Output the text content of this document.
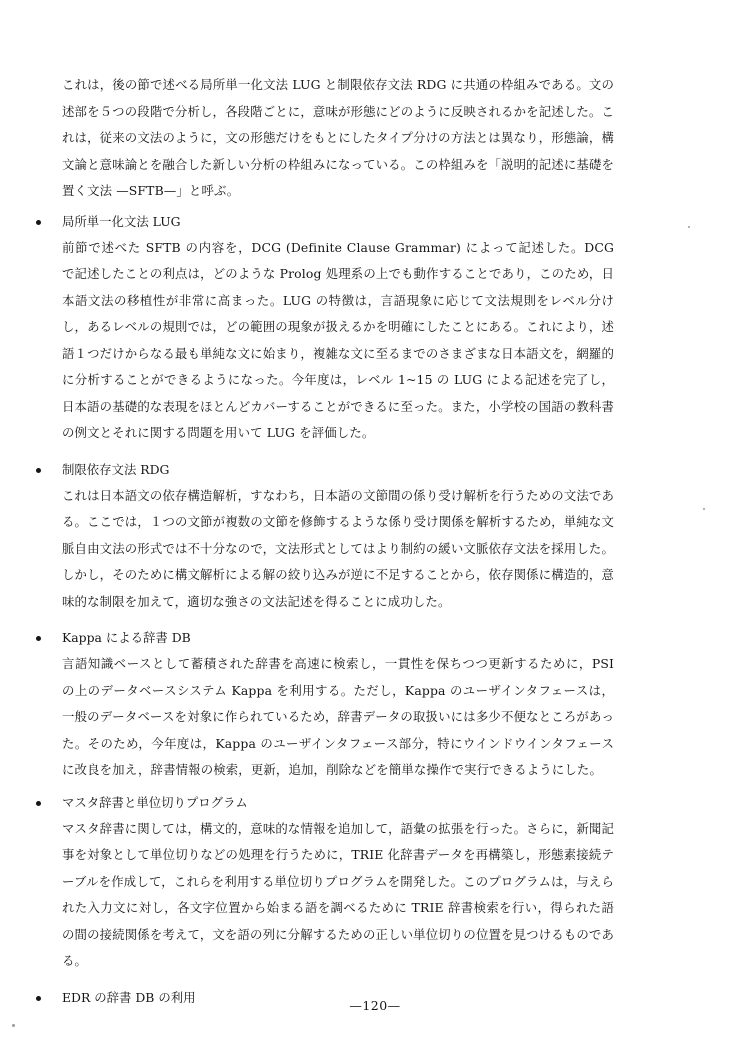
これは，後の節で述べる局所単一化文法 LUG と制限依存文法 RDG に共通の枠組みである。文の述部を５つの段階で分析し，各段階ごとに，意味が形態にどのように反映されるかを記述した。これは，従来の文法のように，文の形態だけをもとにしたタイプ分けの方法とは異なり，形態論，構文論と意味論とを融合した新しい分析の枠組みになっている。この枠組みを「説明的記述に基礎を置く文法 —SFTB—」と呼ぶ。

局所単一化文法 LUG

前節で述べた SFTB の内容を，DCG (Definite Clause Grammar) によって記述した。DCG で記述したことの利点は，どのような Prolog 処理系の上でも動作することであり，このため，日本語文法の移植性が非常に高まった。LUG の特徴は，言語現象に応じて文法規則をレベル分けし，あるレベルの規則では，どの範囲の現象が扱えるかを明確にしたことにある。これにより，述語１つだけからなる最も単純な文に始まり，複雑な文に至るまでのさまざまな日本語文を，網羅的に分析することができるようになった。今年度は，レベル 1~15 の LUG による記述を完了し，日本語の基礎的な表現をほとんどカバーすることができるに至った。また，小学校の国語の教科書の例文とそれに関する問題を用いて LUG を評価した。

制限依存文法 RDG

これは日本語文の依存構造解析，すなわち，日本語の文節間の係り受け解析を行うための文法である。ここでは，１つの文節が複数の文節を修飾するような係り受け関係を解析するため，単純な文脈自由文法の形式では不十分なので，文法形式としてはより制約の緩い文脈依存文法を採用した。しかし，そのために構文解析による解の絞り込みが逆に不足することから，依存関係に構造的，意味的な制限を加えて，適切な強さの文法記述を得ることに成功した。

Kappa による辞書 DB

言語知識ベースとして蓄積された辞書を高速に検索し，一貫性を保ちつつ更新するために，PSI の上のデータベースシステム Kappa を利用する。ただし，Kappa のユーザインタフェースは，一般のデータベースを対象に作られているため，辞書データの取扱いには多少不便なところがあった。そのため，今年度は，Kappa のユーザインタフェース部分，特にウインドウインタフェースに改良を加え，辞書情報の検索，更新，追加，削除などを簡単な操作で実行できるようにした。

マスタ辞書と単位切りプログラム

マスタ辞書に関しては，構文的，意味的な情報を追加して，語彙の拡張を行った。さらに，新聞記事を対象として単位切りなどの処理を行うために，TRIE 化辞書データを再構築し，形態素接続テーブルを作成して，これらを利用する単位切りプログラムを開発した。このプログラムは，与えられた入力文に対し，各文字位置から始まる語を調べるために TRIE 辞書検索を行い，得られた語の間の接続関係を考えて，文を語の列に分解するための正しい単位切りの位置を見つけるものである。

EDR の辞書 DB の利用
—120—
